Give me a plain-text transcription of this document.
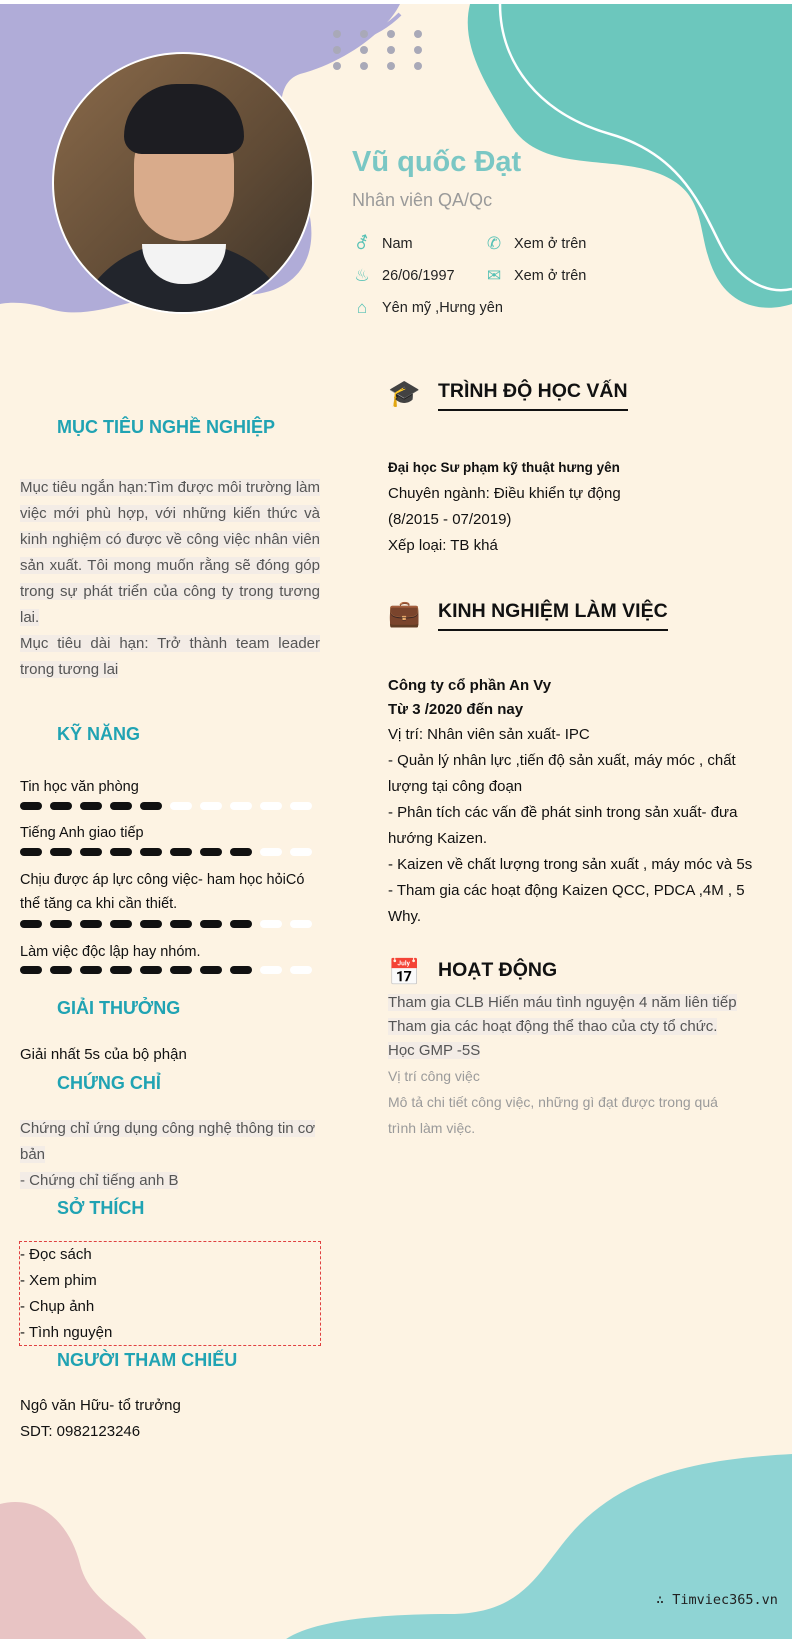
Vũ quốc Đạt
Nhân viên QA/Qc
⚦ Nam	✆ Xem ở trên
♨ 26/06/1997 ✉ Xem ở trên
⌂	Yên mỹ ,Hưng yên
MỤC TIÊU NGHỀ NGHIỆP
Mục tiêu ngắn hạn:Tìm được môi trường làm việc mới phù hợp, với những kiến thức và kinh nghiệm có được về công việc nhân viên sản xuất. Tôi mong muốn rằng sẽ đóng góp trong sự phát triển của công ty trong tương lai.
Mục tiêu dài hạn: Trở thành team leader trong tương lai
KỸ NĂNG
Tin học văn phòng
Tiếng Anh giao tiếp
Chịu được áp lực công việc- ham học hỏiCó thể tăng ca khi cần thiết.
Làm việc độc lập hay nhóm.
GIẢI THƯỞNG
Giải nhất 5s của bộ phận
CHỨNG CHỈ
Chứng chỉ ứng dụng công nghệ thông tin cơ bản
- Chứng chỉ tiếng anh B
SỞ THÍCH
- Đọc sách
- Xem phim
- Chụp ảnh
- Tình nguyện
NGƯỜI THAM CHIẾU
Ngô văn Hữu- tổ trưởng
SDT: 0982123246
🎓 TRÌNH ĐỘ HỌC VẤN
Đại học Sư phạm kỹ thuật hưng yên
Chuyên ngành: Điều khiển tự động
(8/2015 - 07/2019)
Xếp loại: TB khá
💼 KINH NGHIỆM LÀM VIỆC
Công ty cổ phần An Vy
Từ 3 /2020 đến nay
Vị trí: Nhân viên sản xuất- IPC
- Quản lý nhân lực ,tiến độ sản xuất, máy móc , chất lượng tại công đoạn
- Phân tích các vấn đề phát sinh trong sản xuất- đưa hướng Kaizen.
- Kaizen về chất lượng trong sản xuất , máy móc và 5s
- Tham gia các hoạt động Kaizen QCC, PDCA ,4M , 5 Why.
📅 HOẠT ĐỘNG
Tham gia CLB Hiến máu tình nguyện 4 năm liên tiếp
Tham gia các hoạt động thể thao của cty tổ chức.
Học GMP -5S
Vị trí công việc
Mô tả chi tiết công việc, những gì đạt được trong quá trình làm việc.
∴ Timviec365.vn
